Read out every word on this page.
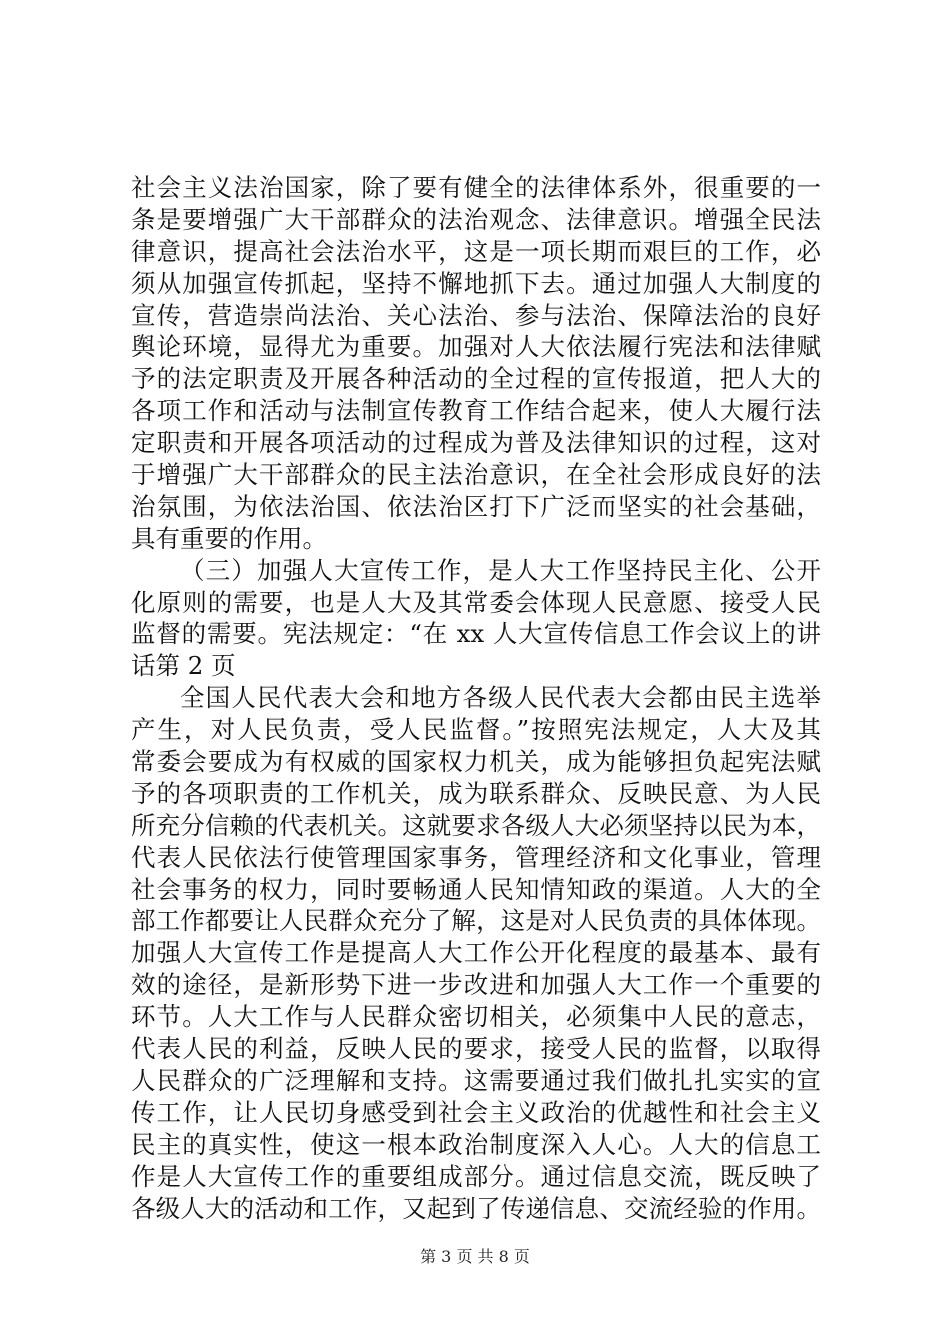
社会主义法治国家，除了要有健全的法律体系外，很重要的一
条是要增强广大干部群众的法治观念、法律意识。增强全民法
律意识，提高社会法治水平，这是一项长期而艰巨的工作，必
须从加强宣传抓起，坚持不懈地抓下去。通过加强人大制度的
宣传，营造崇尚法治、关心法治、参与法治、保障法治的良好
舆论环境，显得尤为重要。加强对人大依法履行宪法和法律赋
予的法定职责及开展各种活动的全过程的宣传报道，把人大的
各项工作和活动与法制宣传教育工作结合起来，使人大履行法
定职责和开展各项活动的过程成为普及法律知识的过程，这对
于增强广大干部群众的民主法治意识，在全社会形成良好的法
治氛围，为依法治国、依法治区打下广泛而坚实的社会基础，
具有重要的作用。
（三）加强人大宣传工作，是人大工作坚持民主化、公开
化原则的需要，也是人大及其常委会体现人民意愿、接受人民
监督的需要。宪法规定：“在 xx 人大宣传信息工作会议上的讲
话第 2 页
全国人民代表大会和地方各级人民代表大会都由民主选举
产生，对人民负责，受人民监督。”按照宪法规定，人大及其
常委会要成为有权威的国家权力机关，成为能够担负起宪法赋
予的各项职责的工作机关，成为联系群众、反映民意、为人民
所充分信赖的代表机关。这就要求各级人大必须坚持以民为本，
代表人民依法行使管理国家事务，管理经济和文化事业，管理
社会事务的权力，同时要畅通人民知情知政的渠道。人大的全
部工作都要让人民群众充分了解，这是对人民负责的具体体现。
加强人大宣传工作是提高人大工作公开化程度的最基本、最有
效的途径，是新形势下进一步改进和加强人大工作一个重要的
环节。人大工作与人民群众密切相关，必须集中人民的意志，
代表人民的利益，反映人民的要求，接受人民的监督，以取得
人民群众的广泛理解和支持。这需要通过我们做扎扎实实的宣
传工作，让人民切身感受到社会主义政治的优越性和社会主义
民主的真实性，使这一根本政治制度深入人心。人大的信息工
作是人大宣传工作的重要组成部分。通过信息交流，既反映了
各级人大的活动和工作，又起到了传递信息、交流经验的作用。
第 3 页 共 8 页
